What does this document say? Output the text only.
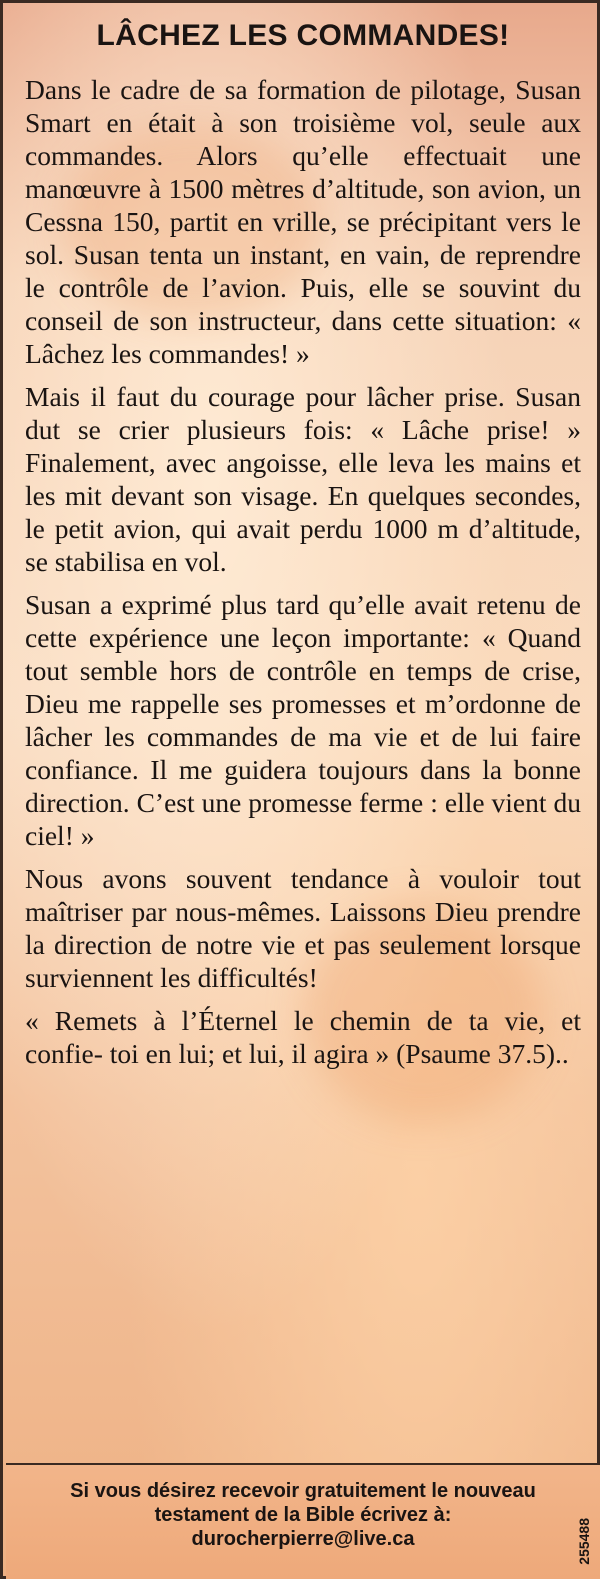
LÂCHEZ LES COMMANDES!

Dans le cadre de sa formation de pilotage, Susan Smart en était à son troisième vol, seule aux commandes. Alors qu’elle effectuait une manœuvre à 1500 mètres d’altitude, son avion, un Cessna 150, partit en vrille, se précipitant vers le sol. Susan tenta un instant, en vain, de reprendre le contrôle de l’avion. Puis, elle se souvint du conseil de son instructeur, dans cette situation: « Lâchez les commandes! »

Mais il faut du courage pour lâcher prise. Susan dut se crier plusieurs fois: « Lâche prise! » Finalement, avec angoisse, elle leva les mains et les mit devant son visage. En quelques secondes, le petit avion, qui avait perdu 1000 m d’altitude, se stabilisa en vol.

Susan a exprimé plus tard qu’elle avait retenu de cette expérience une leçon importante: « Quand tout semble hors de contrôle en temps de crise, Dieu me rappelle ses promesses et m’ordonne de lâcher les commandes de ma vie et de lui faire confiance. Il me guidera toujours dans la bonne direction. C’est une promesse ferme : elle vient du ciel! »

Nous avons souvent tendance à vouloir tout maîtriser par nous-mêmes. Laissons Dieu prendre la direction de notre vie et pas seulement lorsque surviennent les difficultés!

« Remets à l’Éternel le chemin de ta vie, et confie- toi en lui; et lui, il agira » (Psaume 37.5)..

Si vous désirez recevoir gratuitement le nouveau
testament de la Bible écrivez à:
durocherpierre@live.ca	255488
